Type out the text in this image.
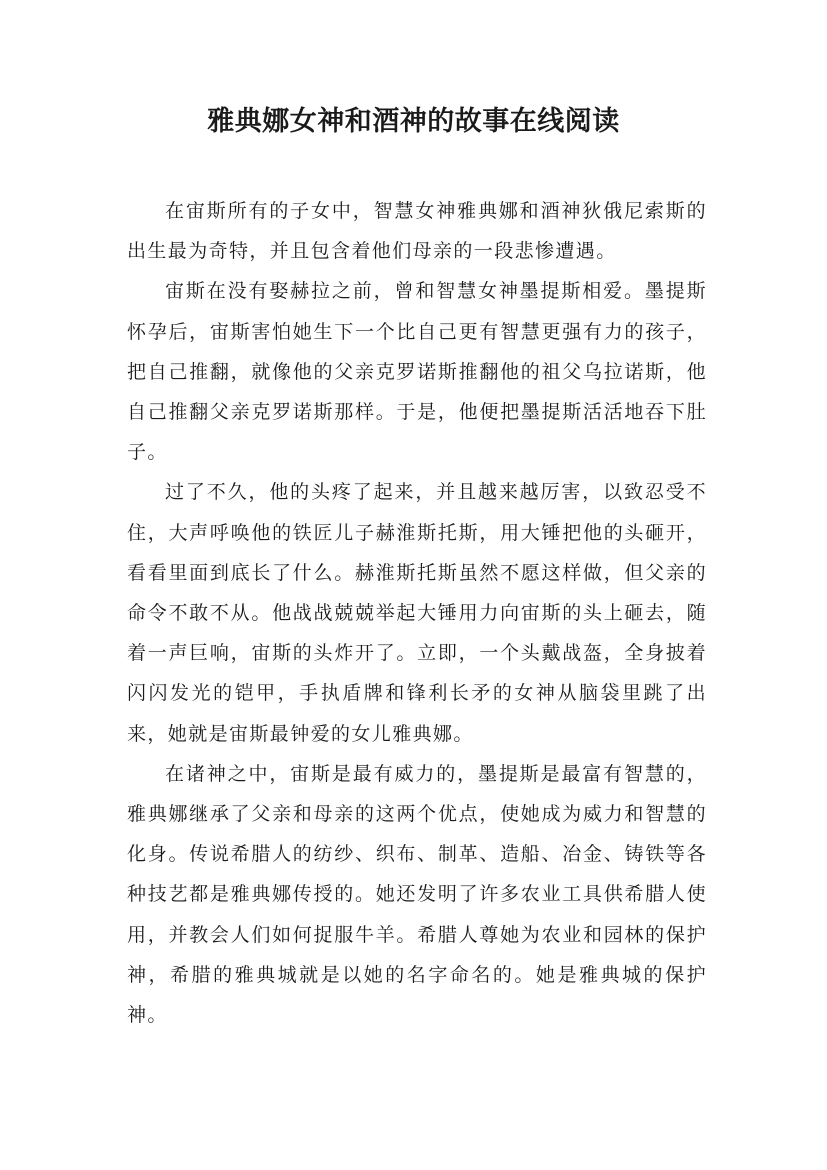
雅典娜女神和酒神的故事在线阅读

在宙斯所有的子女中，智慧女神雅典娜和酒神狄俄尼索斯的出生最为奇特，并且包含着他们母亲的一段悲惨遭遇。

宙斯在没有娶赫拉之前，曾和智慧女神墨提斯相爱。墨提斯怀孕后，宙斯害怕她生下一个比自己更有智慧更强有力的孩子，把自己推翻，就像他的父亲克罗诺斯推翻他的祖父乌拉诺斯，他自己推翻父亲克罗诺斯那样。于是，他便把墨提斯活活地吞下肚子。

过了不久，他的头疼了起来，并且越来越厉害，以致忍受不住，大声呼唤他的铁匠儿子赫淮斯托斯，用大锤把他的头砸开，看看里面到底长了什么。赫淮斯托斯虽然不愿这样做，但父亲的命令不敢不从。他战战兢兢举起大锤用力向宙斯的头上砸去，随着一声巨响，宙斯的头炸开了。立即，一个头戴战盔，全身披着闪闪发光的铠甲，手执盾牌和锋利长矛的女神从脑袋里跳了出来，她就是宙斯最钟爱的女儿雅典娜。

在诸神之中，宙斯是最有威力的，墨提斯是最富有智慧的，雅典娜继承了父亲和母亲的这两个优点，使她成为威力和智慧的化身。传说希腊人的纺纱、织布、制革、造船、冶金、铸铁等各种技艺都是雅典娜传授的。她还发明了许多农业工具供希腊人使用，并教会人们如何捉服牛羊。希腊人尊她为农业和园林的保护神，希腊的雅典城就是以她的名字命名的。她是雅典城的保护神。
